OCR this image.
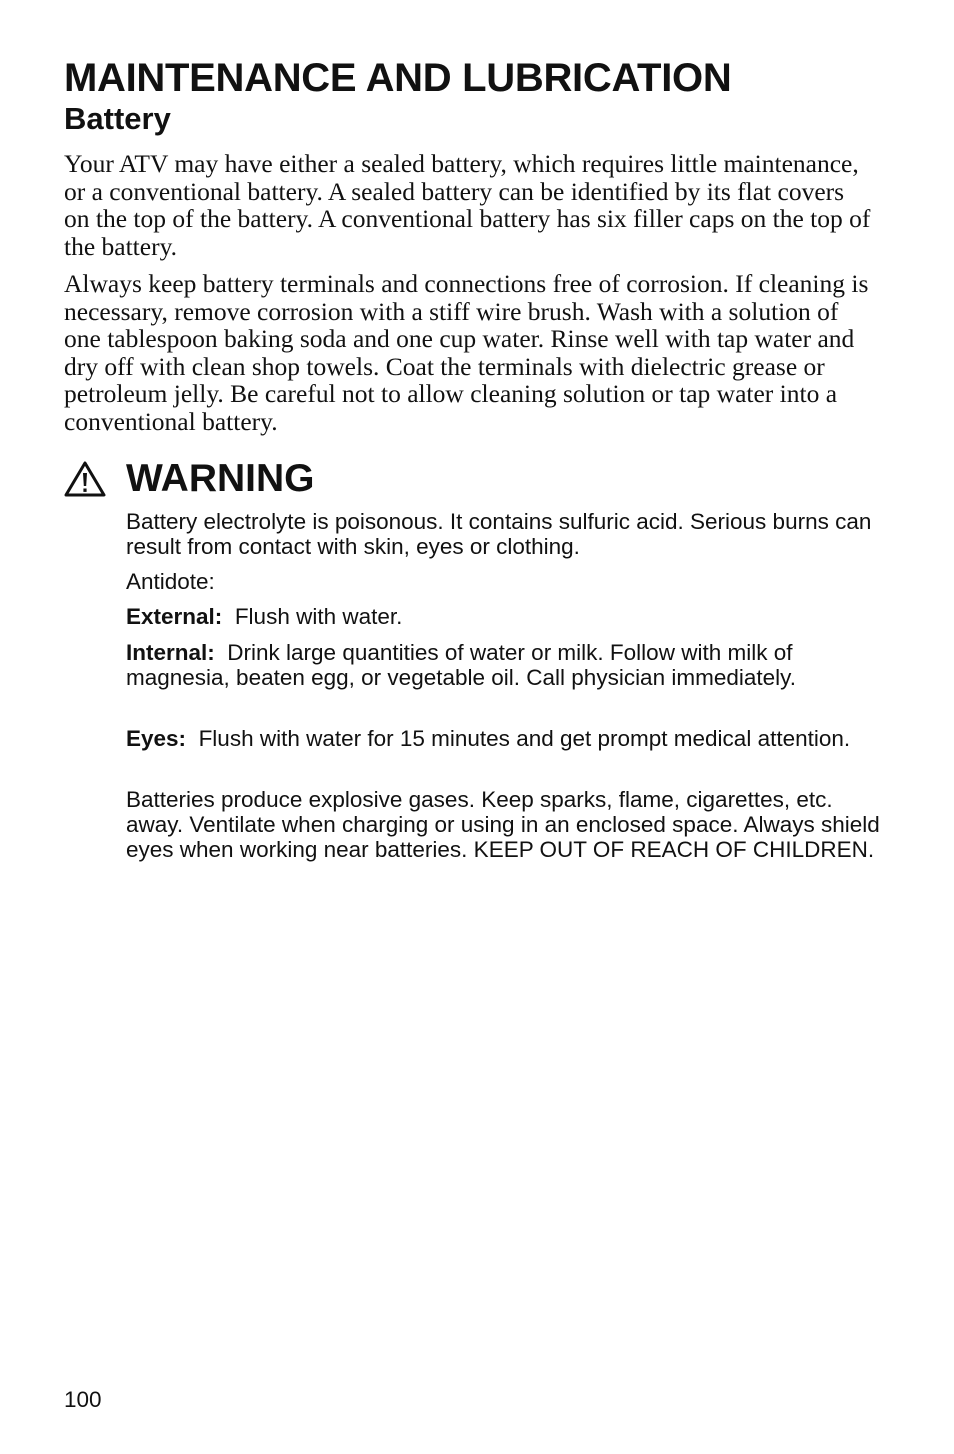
MAINTENANCE AND LUBRICATION
Battery

Your ATV may have either a sealed battery, which requires little maintenance, or a conventional battery. A sealed battery can be identified by its flat covers on the top of the battery. A conventional battery has six filler caps on the top of the battery.

Always keep battery terminals and connections free of corrosion. If cleaning is necessary, remove corrosion with a stiff wire brush. Wash with a solution of one tablespoon baking soda and one cup water. Rinse well with tap water and dry off with clean shop towels. Coat the terminals with dielectric grease or petroleum jelly. Be careful not to allow cleaning solution or tap water into a conventional battery.

WARNING

Battery electrolyte is poisonous. It contains sulfuric acid. Serious burns can result from contact with skin, eyes or clothing.

Antidote:

External: Flush with water.

Internal: Drink large quantities of water or milk. Follow with milk of magnesia, beaten egg, or vegetable oil. Call physician immediately.

Eyes: Flush with water for 15 minutes and get prompt medical attention.

Batteries produce explosive gases. Keep sparks, flame, cigarettes, etc. away. Ventilate when charging or using in an enclosed space. Always shield eyes when working near batteries. KEEP OUT OF REACH OF CHILDREN.

100
